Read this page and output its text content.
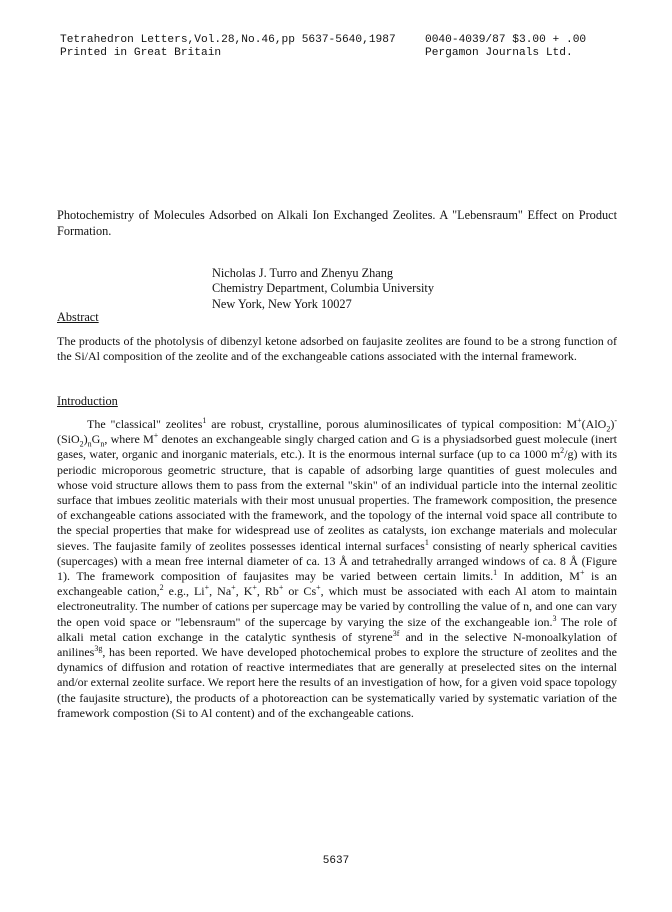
Tetrahedron Letters,Vol.28,No.46,pp 5637-5640,1987
Printed in Great Britain
0040-4039/87 $3.00 + .00
Pergamon Journals Ltd.
Photochemistry of Molecules Adsorbed on Alkali Ion Exchanged Zeolites. A "Lebensraum" Effect on Product Formation.
Nicholas J. Turro and Zhenyu Zhang
Chemistry Department, Columbia University
New York, New York 10027
Abstract

The products of the photolysis of dibenzyl ketone adsorbed on faujasite zeolites are found to be a strong function of the Si/Al composition of the zeolite and of the exchangeable cations associated with the internal framework.

Introduction

The "classical" zeolites$^1$ are robust, crystalline, porous aluminosilicates of typical composition: $M^+(AlO_2)^-(SiO_2)_nG_n$, where M+ denotes an exchangeable singly charged cation and G is a physiadsorbed guest molecule (inert gases, water, organic and inorganic materials, etc.). It is the enormous internal surface (up to ca 1000 $m^2/g$) with its periodic microporous geometric structure, that is capable of adsorbing large quantities of guest molecules and whose void structure allows them to pass from the external "skin" of an individual particle into the internal zeolitic surface that imbues zeolitic materials with their most unusual properties. The framework composition, the presence of exchangeable cations associated with the framework, and the topology of the internal void space all contribute to the special properties that make for widespread use of zeolites as catalysts, ion exchange materials and molecular sieves. The faujasite family of zeolites possesses identical internal surfaces$^1$ consisting of nearly spherical cavities (supercages) with a mean free internal diameter of ca. 13 Å and tetrahedrally arranged windows of ca. 8 Å (Figure 1). The framework composition of faujasites may be varied between certain limits.$^1$ In addition, M+ is an exchangeable cation,$^2$ e.g., Li+, Na+, K+, Rb+ or Cs+, which must be associated with each Al atom to maintain electroneutrality. The number of cations per supercage may be varied by controlling the value of n, and one can vary the open void space or "lebensraum" of the supercage by varying the size of the exchangeable ion.$^3$ The role of alkali metal cation exchange in the catalytic synthesis of styrene$^{3f}$ and in the selective N-monoalkylation of anilines$^{3g}$, has been reported. We have developed photochemical probes to explore the structure of zeolites and the dynamics of diffusion and rotation of reactive intermediates that are generally at preselected sites on the internal and/or external zeolite surface. We report here the results of an investigation of how, for a given void space topology (the faujasite structure), the products of a photoreaction can be systematically varied by systematic variation of the framework compostion (Si to Al content) and of the exchangeable cations.

5637
